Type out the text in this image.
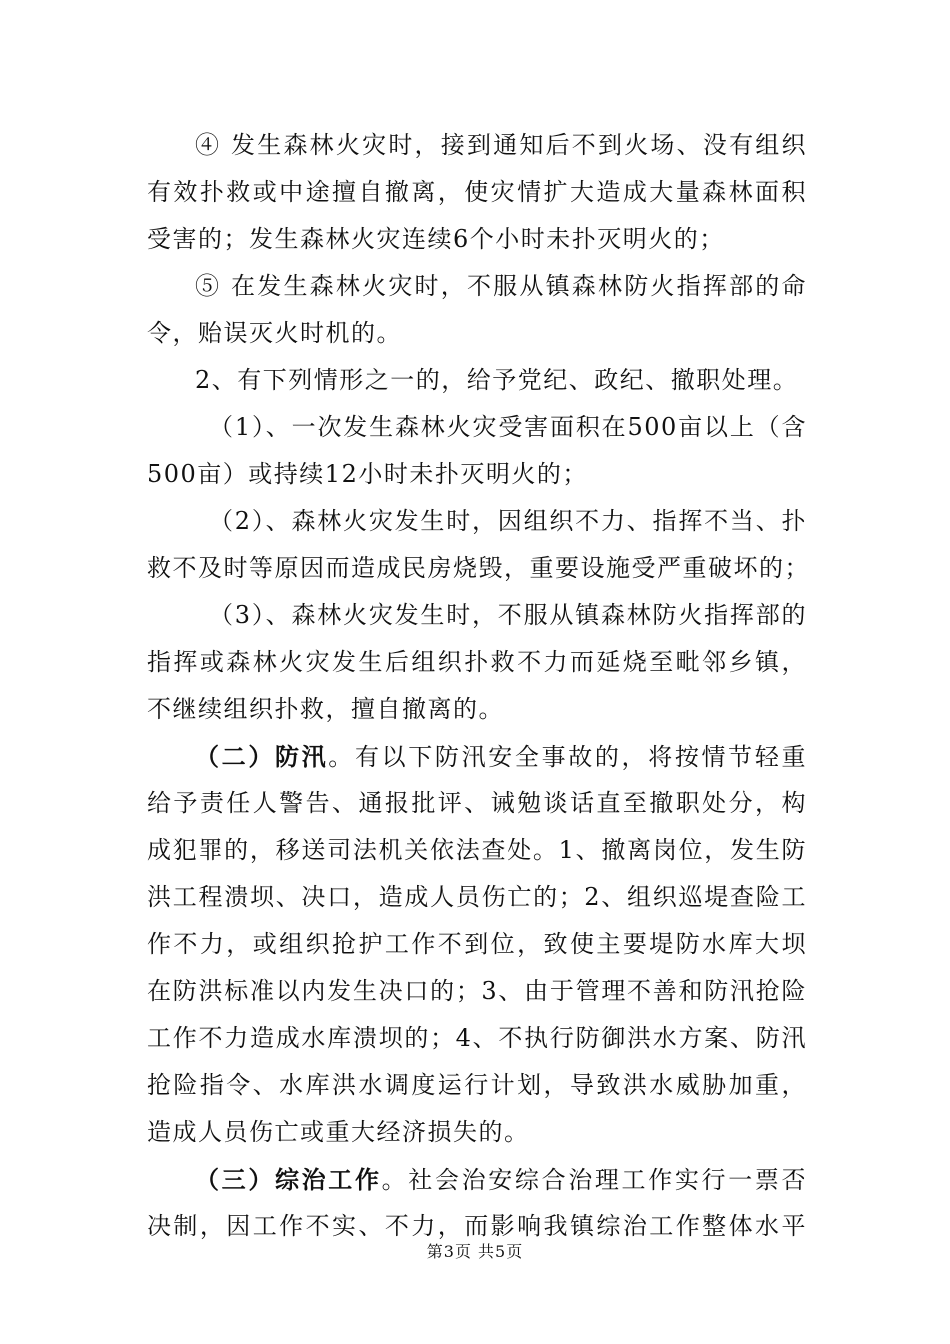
④ 发生森林火灾时，接到通知后不到火场、没有组织
有效扑救或中途擅自撤离，使灾情扩大造成大量森林面积
受害的；发生森林火灾连续6个小时未扑灭明火的；
⑤ 在发生森林火灾时，不服从镇森林防火指挥部的命
令，贻误灭火时机的。
2、有下列情形之一的，给予党纪、政纪、撤职处理。
（1）、一次发生森林火灾受害面积在500亩以上（含
500亩）或持续12小时未扑灭明火的；
（2）、森林火灾发生时，因组织不力、指挥不当、扑
救不及时等原因而造成民房烧毁，重要设施受严重破坏的；
（3）、森林火灾发生时，不服从镇森林防火指挥部的
指挥或森林火灾发生后组织扑救不力而延烧至毗邻乡镇，
不继续组织扑救，擅自撤离的。
（二）防汛。有以下防汛安全事故的，将按情节轻重
给予责任人警告、通报批评、诫勉谈话直至撤职处分，构
成犯罪的，移送司法机关依法查处。1、撤离岗位，发生防
洪工程溃坝、决口，造成人员伤亡的；2、组织巡堤查险工
作不力，或组织抢护工作不到位，致使主要堤防水库大坝
在防洪标准以内发生决口的；3、由于管理不善和防汛抢险
工作不力造成水库溃坝的；4、不执行防御洪水方案、防汛
抢险指令、水库洪水调度运行计划，导致洪水威胁加重，
造成人员伤亡或重大经济损失的。
（三）综治工作。社会治安综合治理工作实行一票否
决制，因工作不实、不力，而影响我镇综治工作整体水平
第3页 共5页
